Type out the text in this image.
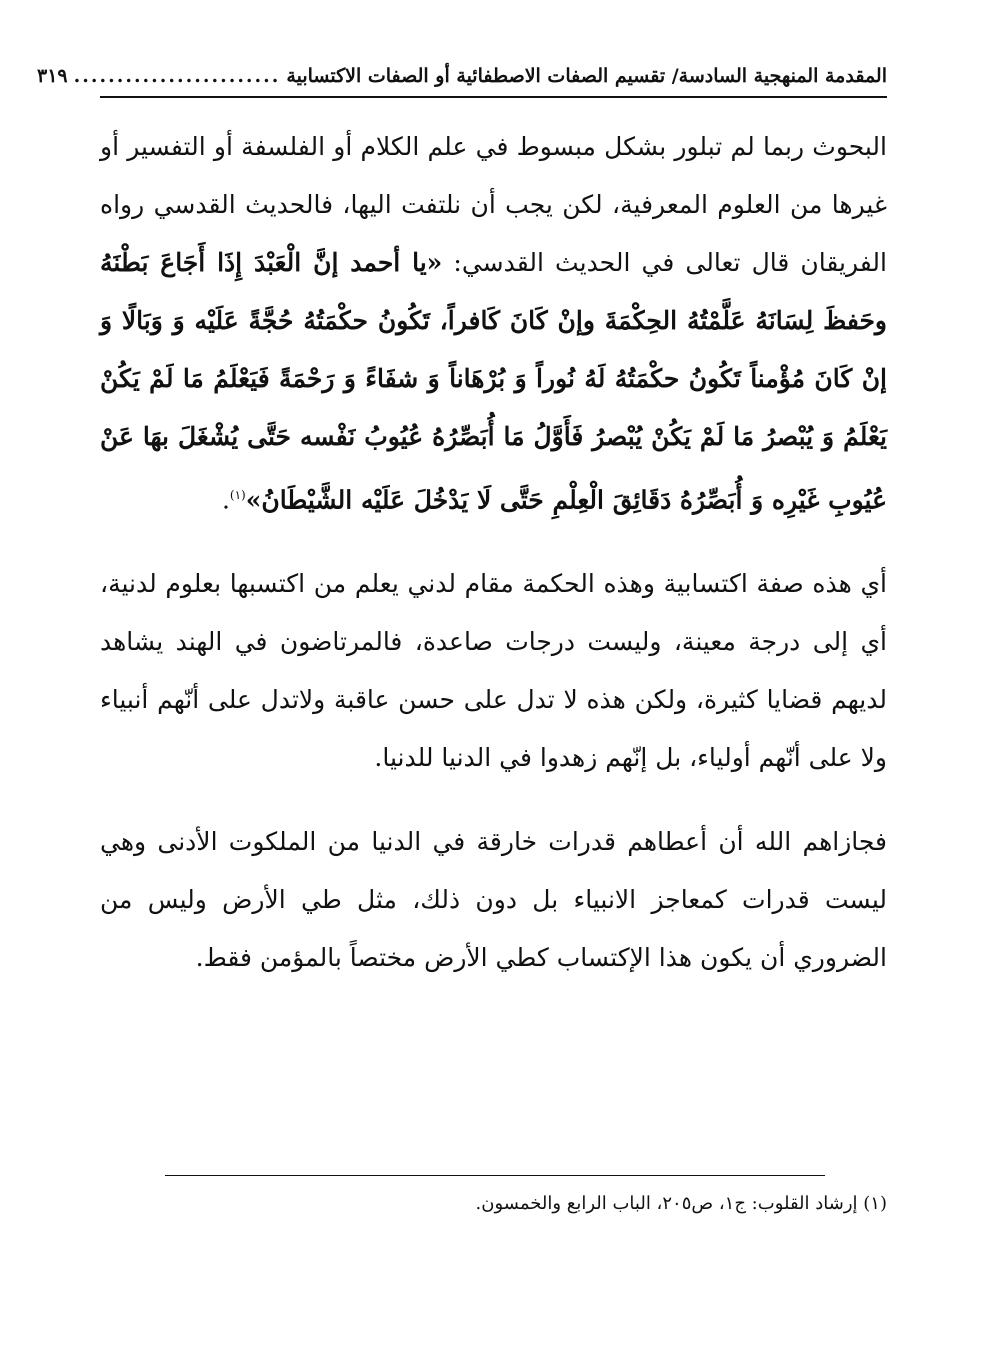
المقدمة المنهجية السادسة/ تقسيم الصفات الاصطفائية أو الصفات الاكتسابية
........................
٣١٩

البحوث ربما لم تبلور بشكل مبسوط في علم الكلام أو الفلسفة أو التفسير أو غيرها من العلوم المعرفية، لكن يجب أن نلتفت اليها، فالحديث القدسي رواه الفريقان قال تعالى في الحديث القدسي: «يا أحمد إنَّ الْعَبْدَ إِذَا أَجَاعَ بَطْنَهُ وحَفظَ لِسَانَهُ عَلَّمْتُهُ الحِكْمَةَ وإنْ كَانَ كَافراً، تَكُونُ حكْمَتُهُ حُجَّةً عَلَيْه وَ وَبَالًا وَ إنْ كَانَ مُؤْمناً تَكُونُ حكْمَتُهُ لَهُ نُوراً وَ بُرْهَاناً وَ شفَاءً وَ رَحْمَةً فَيَعْلَمُ مَا لَمْ يَكُنْ يَعْلَمُ وَ يُبْصرُ مَا لَمْ يَكُنْ يُبْصرُ فَأَوَّلُ مَا أُبَصِّرُهُ عُيُوبُ نَفْسه حَتَّى يُشْغَلَ بهَا عَنْ عُيُوبِ غَيْرِه وَ أُبَصِّرُهُ دَقَائِقَ الْعِلْمِ حَتَّى لَا يَدْخُلَ عَلَيْه الشَّيْطَانُ»$^{(١)}$.

أي هذه صفة اكتسابية وهذه الحكمة مقام لدني يعلم من اكتسبها بعلوم لدنية، أي إلى درجة معينة، وليست درجات صاعدة، فالمرتاضون في الهند يشاهد لديهم قضايا كثيرة، ولكن هذه لا تدل على حسن عاقبة ولاتدل على أنّهم أنبياء ولا على أنّهم أولياء، بل إنّهم زهدوا في الدنيا للدنيا.

فجازاهم الله أن أعطاهم قدرات خارقة في الدنيا من الملكوت الأدنى وهي ليست قدرات كمعاجز الانبياء بل دون ذلك، مثل طي الأرض وليس من الضروري أن يكون هذا الإكتساب كطي الأرض مختصاً بالمؤمن فقط.

(١) إرشاد القلوب: ج١، ص٢٠٥، الباب الرابع والخمسون.
